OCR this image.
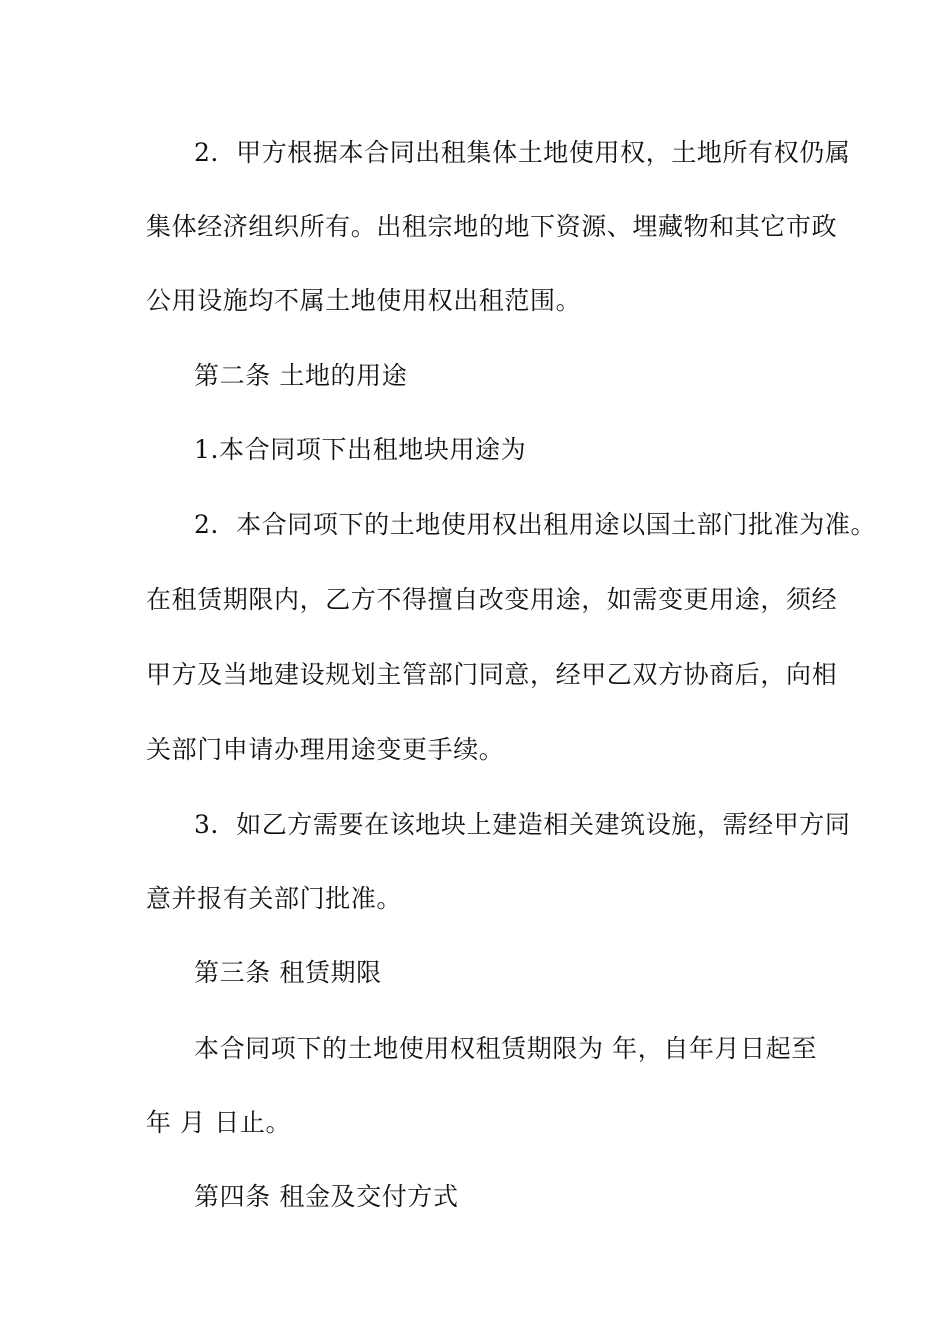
2．甲方根据本合同出租集体土地使用权，土地所有权仍属
集体经济组织所有。出租宗地的地下资源、埋藏物和其它市政
公用设施均不属土地使用权出租范围。
第二条 土地的用途
1.本合同项下出租地块用途为
2．本合同项下的土地使用权出租用途以国土部门批准为准。
在租赁期限内，乙方不得擅自改变用途，如需变更用途，须经
甲方及当地建设规划主管部门同意，经甲乙双方协商后，向相
关部门申请办理用途变更手续。
3．如乙方需要在该地块上建造相关建筑设施，需经甲方同
意并报有关部门批准。
第三条 租赁期限
本合同项下的土地使用权租赁期限为 年，自年月日起至
年 月 日止。
第四条 租金及交付方式
